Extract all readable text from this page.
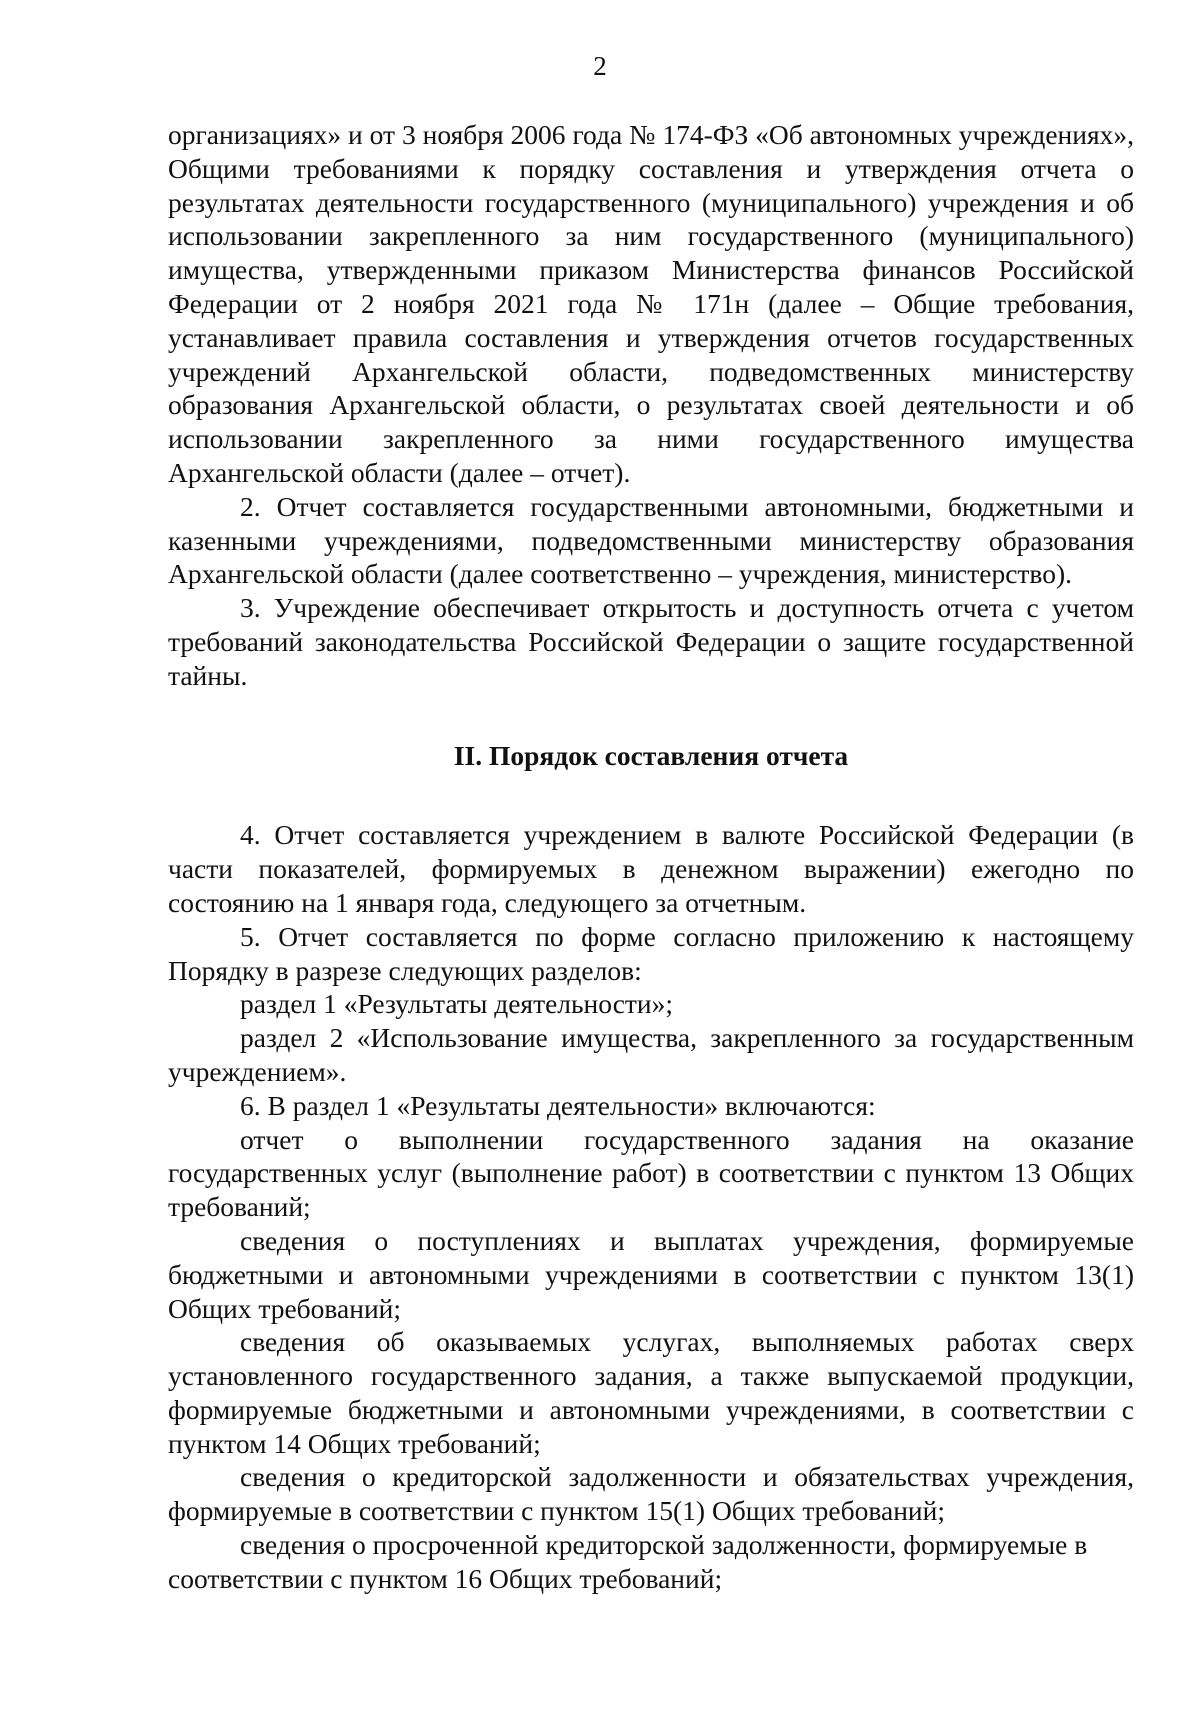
2

организациях» и от 3 ноября 2006 года № 174-ФЗ «Об автономных учреждениях», Общими требованиями к порядку составления и утверждения отчета о результатах деятельности государственного (муниципального) учреждения и об использовании закрепленного за ним государственного (муниципального) имущества, утвержденными приказом Министерства финансов Российской Федерации от 2 ноября 2021 года № 171н (далее – Общие требования, устанавливает правила составления и утверждения отчетов государственных учреждений Архангельской области, подведомственных министерству образования Архангельской области, о результатах своей деятельности и об использовании закрепленного за ними государственного имущества Архангельской области (далее – отчет).

2. Отчет составляется государственными автономными, бюджетными и казенными учреждениями, подведомственными министерству образования Архангельской области (далее соответственно – учреждения, министерство).

3. Учреждение обеспечивает открытость и доступность отчета с учетом требований законодательства Российской Федерации о защите государственной тайны.

II. Порядок составления отчета

4. Отчет составляется учреждением в валюте Российской Федерации (в части показателей, формируемых в денежном выражении) ежегодно по состоянию на 1 января года, следующего за отчетным.

5. Отчет составляется по форме согласно приложению к настоящему Порядку в разрезе следующих разделов:

раздел 1 «Результаты деятельности»;

раздел 2 «Использование имущества, закрепленного за государственным учреждением».

6. В раздел 1 «Результаты деятельности» включаются:

отчет о выполнении государственного задания на оказание государственных услуг (выполнение работ) в соответствии с пунктом 13 Общих требований;

сведения о поступлениях и выплатах учреждения, формируемые бюджетными и автономными учреждениями в соответствии с пунктом 13(1) Общих требований;

сведения об оказываемых услугах, выполняемых работах сверх установленного государственного задания, а также выпускаемой продукции, формируемые бюджетными и автономными учреждениями, в соответствии с пунктом 14 Общих требований;

сведения о кредиторской задолженности и обязательствах учреждения, формируемые в соответствии с пунктом 15(1) Общих требований;

сведения о просроченной кредиторской задолженности, формируемые в соответствии с пунктом 16 Общих требований;
